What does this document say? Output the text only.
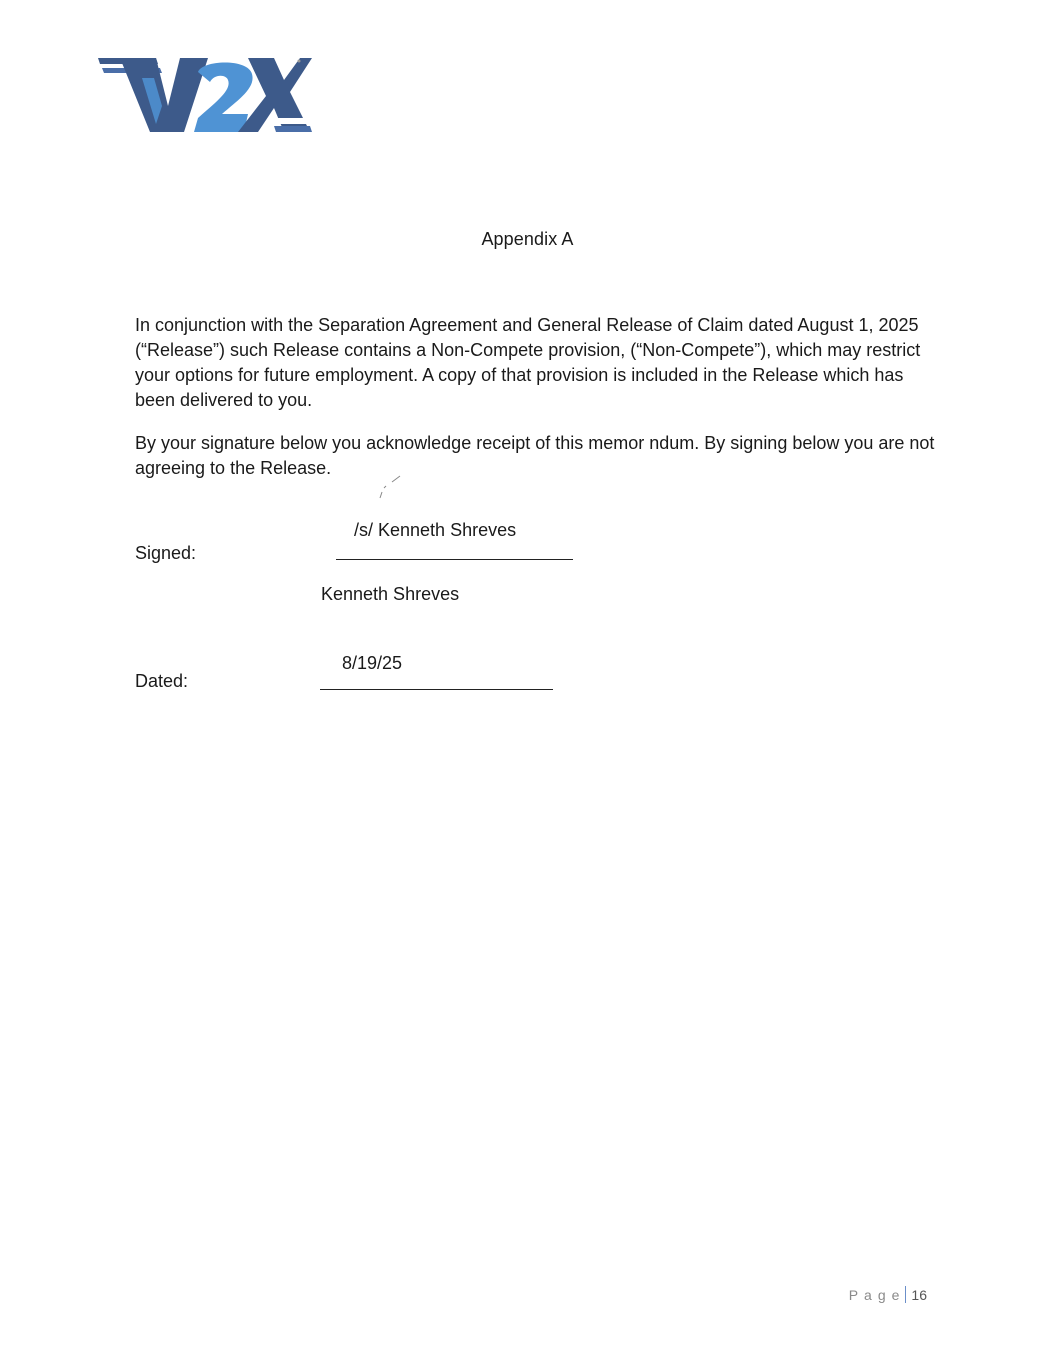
Appendix A

In conjunction with the Separation Agreement and General Release of Claim dated August 1, 2025 (“Release”) such Release contains a Non-Compete provision, (“Non-Compete”), which may restrict your options for future employment. A copy of that provision is included in the Release which has been delivered to you.

By your signature below you acknowledge receipt of this memor ndum. By signing below you are not agreeing to the Release.

Signed:
/s/ Kenneth Shreves
Kenneth Shreves
Dated:
8/19/25
Page 16
